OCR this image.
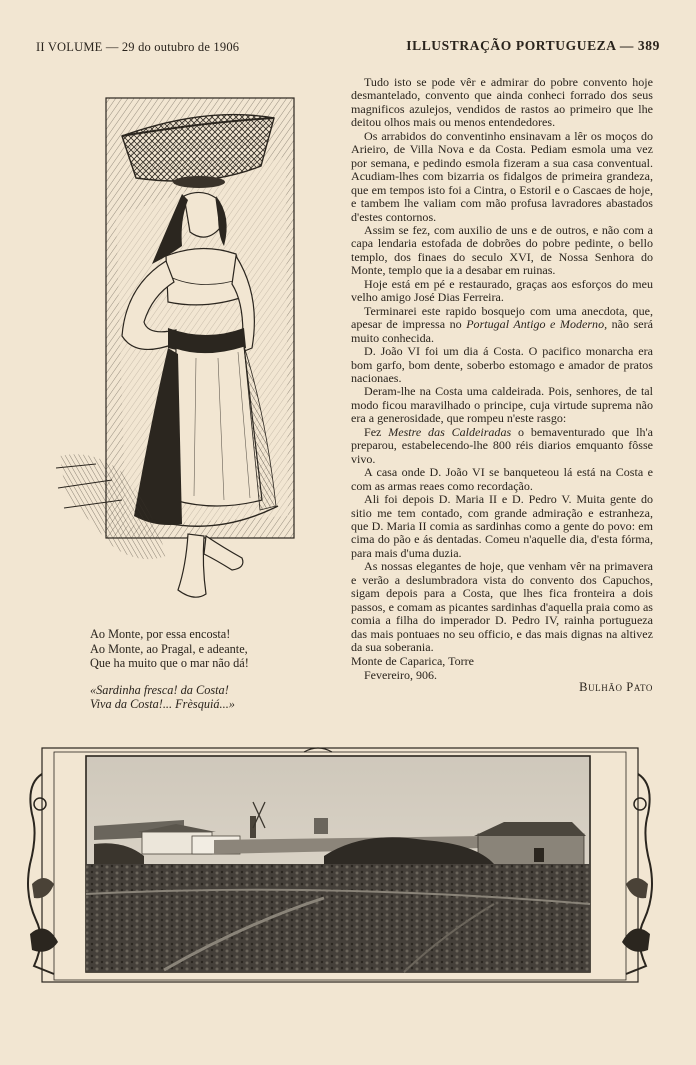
II VOLUME — 29 do outubro de 1906	ILLUSTRAÇÃO PORTUGUEZA — 389
Ao Monte, por essa encosta!
Ao Monte, ao Pragal, e adeante,
Que ha muito que o mar não dá!
«Sardinha fresca! da Costa!
Viva da Costa!... Frèsquiá...»

Tudo isto se pode vêr e admirar do pobre convento hoje desmantelado, convento que ainda conheci forrado dos seus magnificos azulejos, vendidos de rastos ao primeiro que lhe deitou olhos mais ou menos entendedores.

Os arrabidos do conventinho ensinavam a lêr os moços do Arieiro, de Villa Nova e da Costa. Pediam esmola uma vez por semana, e pedindo esmola fizeram a sua casa conventual. Acudiam-lhes com bizarria os fidalgos de primeira grandeza, que em tempos isto foi a Cintra, o Estoril e o Cascaes de hoje, e tambem lhe valiam com mão profusa lavradores abastados d'estes contornos.

Assim se fez, com auxilio de uns e de outros, e não com a capa lendaria estofada de dobrões do pobre pedinte, o bello templo, dos finaes do seculo XVI, de Nossa Senhora do Monte, templo que ia a desabar em ruinas.

Hoje está em pé e restaurado, graças aos esforços do meu velho amigo José Dias Ferreira.

Terminarei este rapido bosquejo com uma anecdota, que, apesar de impressa no Portugal Antigo e Moderno, não será muito conhecida.

D. João VI foi um dia á Costa. O pacifico monarcha era bom garfo, bom dente, soberbo estomago e amador de pratos nacionaes.

Deram-lhe na Costa uma caldeirada. Pois, senhores, de tal modo ficou maravilhado o principe, cuja virtude suprema não era a generosidade, que rompeu n'este rasgo:

Fez Mestre das Caldeiradas o bemaventurado que lh'a preparou, estabelecendo-lhe 800 réis diarios emquanto fôsse vivo.

A casa onde D. João VI se banqueteou lá está na Costa e com as armas reaes como recordação.

Ali foi depois D. Maria II e D. Pedro V. Muita gente do sitio me tem contado, com grande admiração e estranheza, que D. Maria II comia as sardinhas como a gente do povo: em cima do pão e ás dentadas. Comeu n'aquelle dia, d'esta fórma, para mais d'uma duzia.

As nossas elegantes de hoje, que venham vêr na primavera e verão a deslumbradora vista do convento dos Capuchos, sigam depois para a Costa, que lhes fica fronteira a dois passos, e comam as picantes sardinhas d'aquella praia como as comia a filha do imperador D. Pedro IV, rainha portugueza das mais pontuaes no seu officio, e das mais dignas na altivez da sua soberania.

Monte de Caparica, Torre
Fevereiro, 906.
Bulhão Pato
